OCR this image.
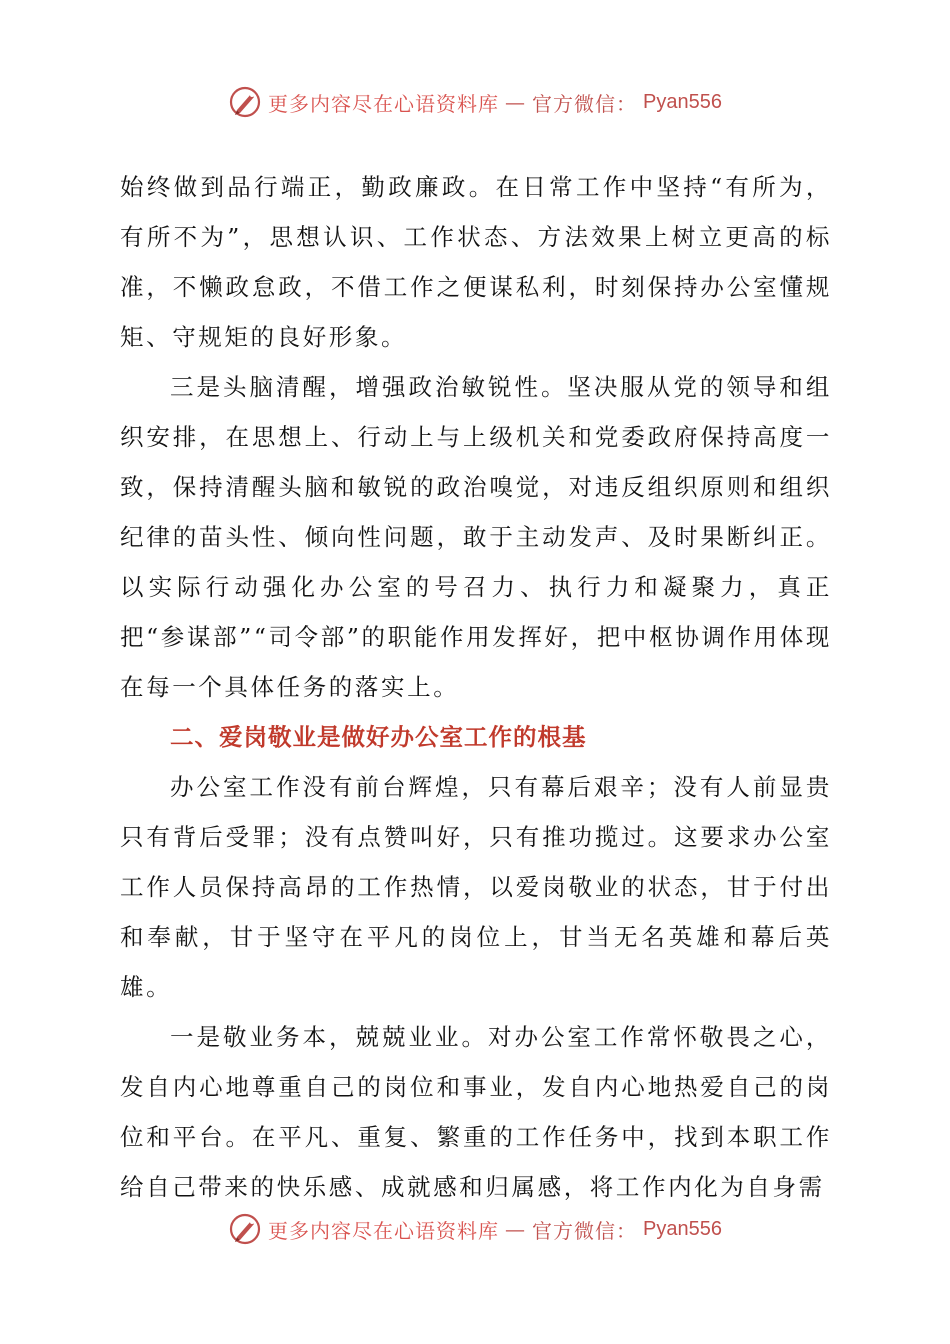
更多内容尽在心语资料库 — 官方微信： Pyan556

始终做到品行端正，勤政廉政。在日常工作中坚持“有所为，有所不为”，思想认识、工作状态、方法效果上树立更高的标准，不懒政怠政，不借工作之便谋私利，时刻保持办公室懂规矩、守规矩的良好形象。

三是头脑清醒，增强政治敏锐性。坚决服从党的领导和组织安排，在思想上、行动上与上级机关和党委政府保持高度一致，保持清醒头脑和敏锐的政治嗅觉，对违反组织原则和组织纪律的苗头性、倾向性问题，敢于主动发声、及时果断纠正。以实际行动强化办公室的号召力、执行力和凝聚力，真正把“参谋部”“司令部”的职能作用发挥好，把中枢协调作用体现在每一个具体任务的落实上。

二、爱岗敬业是做好办公室工作的根基

办公室工作没有前台辉煌，只有幕后艰辛；没有人前显贵只有背后受罪；没有点赞叫好，只有推功揽过。这要求办公室工作人员保持高昂的工作热情，以爱岗敬业的状态，甘于付出和奉献，甘于坚守在平凡的岗位上，甘当无名英雄和幕后英雄。

一是敬业务本，兢兢业业。对办公室工作常怀敬畏之心，发自内心地尊重自己的岗位和事业，发自内心地热爱自己的岗位和平台。在平凡、重复、繁重的工作任务中，找到本职工作给自己带来的快乐感、成就感和归属感，将工作内化为自身需

更多内容尽在心语资料库 — 官方微信： Pyan556
